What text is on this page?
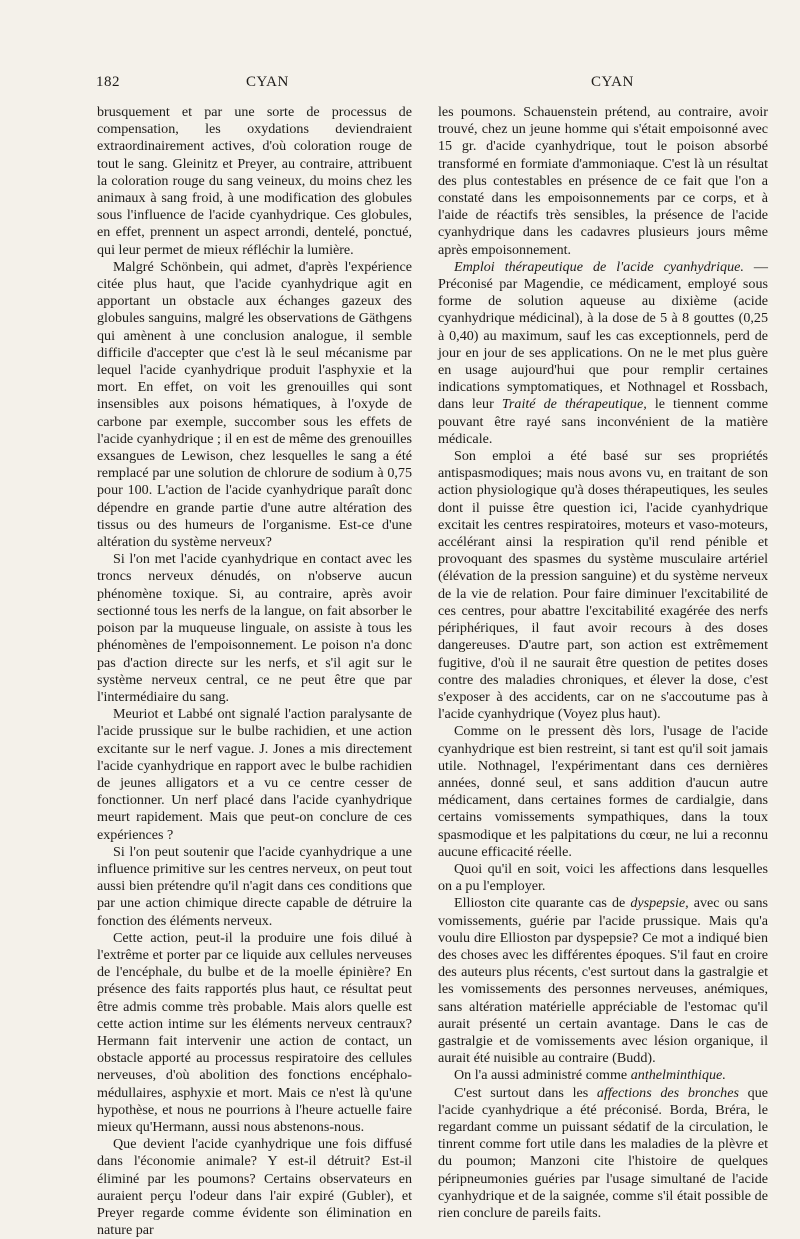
182	CYAN	CYAN

brusquement et par une sorte de processus de compensation, les oxydations deviendraient extraordinairement actives, d'où coloration rouge de tout le sang. Gleinitz et Preyer, au contraire, attribuent la coloration rouge du sang veineux, du moins chez les animaux à sang froid, à une modification des globules sous l'influence de l'acide cyanhydrique. Ces globules, en effet, prennent un aspect arrondi, dentelé, ponctué, qui leur permet de mieux réfléchir la lumière.

Malgré Schönbein, qui admet, d'après l'expérience citée plus haut, que l'acide cyanhydrique agit en apportant un obstacle aux échanges gazeux des globules sanguins, malgré les observations de Gäthgens qui amènent à une conclusion analogue, il semble difficile d'accepter que c'est là le seul mécanisme par lequel l'acide cyanhydrique produit l'asphyxie et la mort. En effet, on voit les grenouilles qui sont insensibles aux poisons hématiques, à l'oxyde de carbone par exemple, succomber sous les effets de l'acide cyanhydrique ; il en est de même des grenouilles exsangues de Lewison, chez lesquelles le sang a été remplacé par une solution de chlorure de sodium à 0,75 pour 100. L'action de l'acide cyanhydrique paraît donc dépendre en grande partie d'une autre altération des tissus ou des humeurs de l'organisme. Est-ce d'une altération du système nerveux?

Si l'on met l'acide cyanhydrique en contact avec les troncs nerveux dénudés, on n'observe aucun phénomène toxique. Si, au contraire, après avoir sectionné tous les nerfs de la langue, on fait absorber le poison par la muqueuse linguale, on assiste à tous les phénomènes de l'empoisonnement. Le poison n'a donc pas d'action directe sur les nerfs, et s'il agit sur le système nerveux central, ce ne peut être que par l'intermédiaire du sang.

Meuriot et Labbé ont signalé l'action paralysante de l'acide prussique sur le bulbe rachidien, et une action excitante sur le nerf vague. J. Jones a mis directement l'acide cyanhydrique en rapport avec le bulbe rachidien de jeunes alligators et a vu ce centre cesser de fonctionner. Un nerf placé dans l'acide cyanhydrique meurt rapidement. Mais que peut-on conclure de ces expériences ?

Si l'on peut soutenir que l'acide cyanhydrique a une influence primitive sur les centres nerveux, on peut tout aussi bien prétendre qu'il n'agit dans ces conditions que par une action chimique directe capable de détruire la fonction des éléments nerveux.

Cette action, peut-il la produire une fois dilué à l'extrême et porter par ce liquide aux cellules nerveuses de l'encéphale, du bulbe et de la moelle épinière? En présence des faits rapportés plus haut, ce résultat peut être admis comme très probable. Mais alors quelle est cette action intime sur les éléments nerveux centraux? Hermann fait intervenir une action de contact, un obstacle apporté au processus respiratoire des cellules nerveuses, d'où abolition des fonctions encéphalo-médullaires, asphyxie et mort. Mais ce n'est là qu'une hypothèse, et nous ne pourrions à l'heure actuelle faire mieux qu'Hermann, aussi nous abstenons-nous.

Que devient l'acide cyanhydrique une fois diffusé dans l'économie animale? Y est-il détruit? Est-il éliminé par les poumons? Certains observateurs en auraient perçu l'odeur dans l'air expiré (Gubler), et Preyer regarde comme évidente son élimination en nature par

les poumons. Schauenstein prétend, au contraire, avoir trouvé, chez un jeune homme qui s'était empoisonné avec 15 gr. d'acide cyanhydrique, tout le poison absorbé transformé en formiate d'ammoniaque. C'est là un résultat des plus contestables en présence de ce fait que l'on a constaté dans les empoisonnements par ce corps, et à l'aide de réactifs très sensibles, la présence de l'acide cyanhydrique dans les cadavres plusieurs jours même après empoisonnement.

Emploi thérapeutique de l'acide cyanhydrique. — Préconisé par Magendie, ce médicament, employé sous forme de solution aqueuse au dixième (acide cyanhydrique médicinal), à la dose de 5 à 8 gouttes (0,25 à 0,40) au maximum, sauf les cas exceptionnels, perd de jour en jour de ses applications. On ne le met plus guère en usage aujourd'hui que pour remplir certaines indications symptomatiques, et Nothnagel et Rossbach, dans leur Traité de thérapeutique, le tiennent comme pouvant être rayé sans inconvénient de la matière médicale.

Son emploi a été basé sur ses propriétés antispasmodiques; mais nous avons vu, en traitant de son action physiologique qu'à doses thérapeutiques, les seules dont il puisse être question ici, l'acide cyanhydrique excitait les centres respiratoires, moteurs et vaso-moteurs, accélérant ainsi la respiration qu'il rend pénible et provoquant des spasmes du système musculaire artériel (élévation de la pression sanguine) et du système nerveux de la vie de relation. Pour faire diminuer l'excitabilité de ces centres, pour abattre l'excitabilité exagérée des nerfs périphériques, il faut avoir recours à des doses dangereuses. D'autre part, son action est extrêmement fugitive, d'où il ne saurait être question de petites doses contre des maladies chroniques, et élever la dose, c'est s'exposer à des accidents, car on ne s'accoutume pas à l'acide cyanhydrique (Voyez plus haut).

Comme on le pressent dès lors, l'usage de l'acide cyanhydrique est bien restreint, si tant est qu'il soit jamais utile. Nothnagel, l'expérimentant dans ces dernières années, donné seul, et sans addition d'aucun autre médicament, dans certaines formes de cardialgie, dans certains vomissements sympathiques, dans la toux spasmodique et les palpitations du cœur, ne lui a reconnu aucune efficacité réelle.

Quoi qu'il en soit, voici les affections dans lesquelles on a pu l'employer.

Ellioston cite quarante cas de dyspepsie, avec ou sans vomissements, guérie par l'acide prussique. Mais qu'a voulu dire Ellioston par dyspepsie? Ce mot a indiqué bien des choses avec les différentes époques. S'il faut en croire des auteurs plus récents, c'est surtout dans la gastralgie et les vomissements des personnes nerveuses, anémiques, sans altération matérielle appréciable de l'estomac qu'il aurait présenté un certain avantage. Dans le cas de gastralgie et de vomissements avec lésion organique, il aurait été nuisible au contraire (Budd).

On l'a aussi administré comme anthelminthique.

C'est surtout dans les affections des bronches que l'acide cyanhydrique a été préconisé. Borda, Bréra, le regardant comme un puissant sédatif de la circulation, le tinrent comme fort utile dans les maladies de la plèvre et du poumon; Manzoni cite l'histoire de quelques péripneumonies guéries par l'usage simultané de l'acide cyanhydrique et de la saignée, comme s'il était possible de rien conclure de pareils faits.
